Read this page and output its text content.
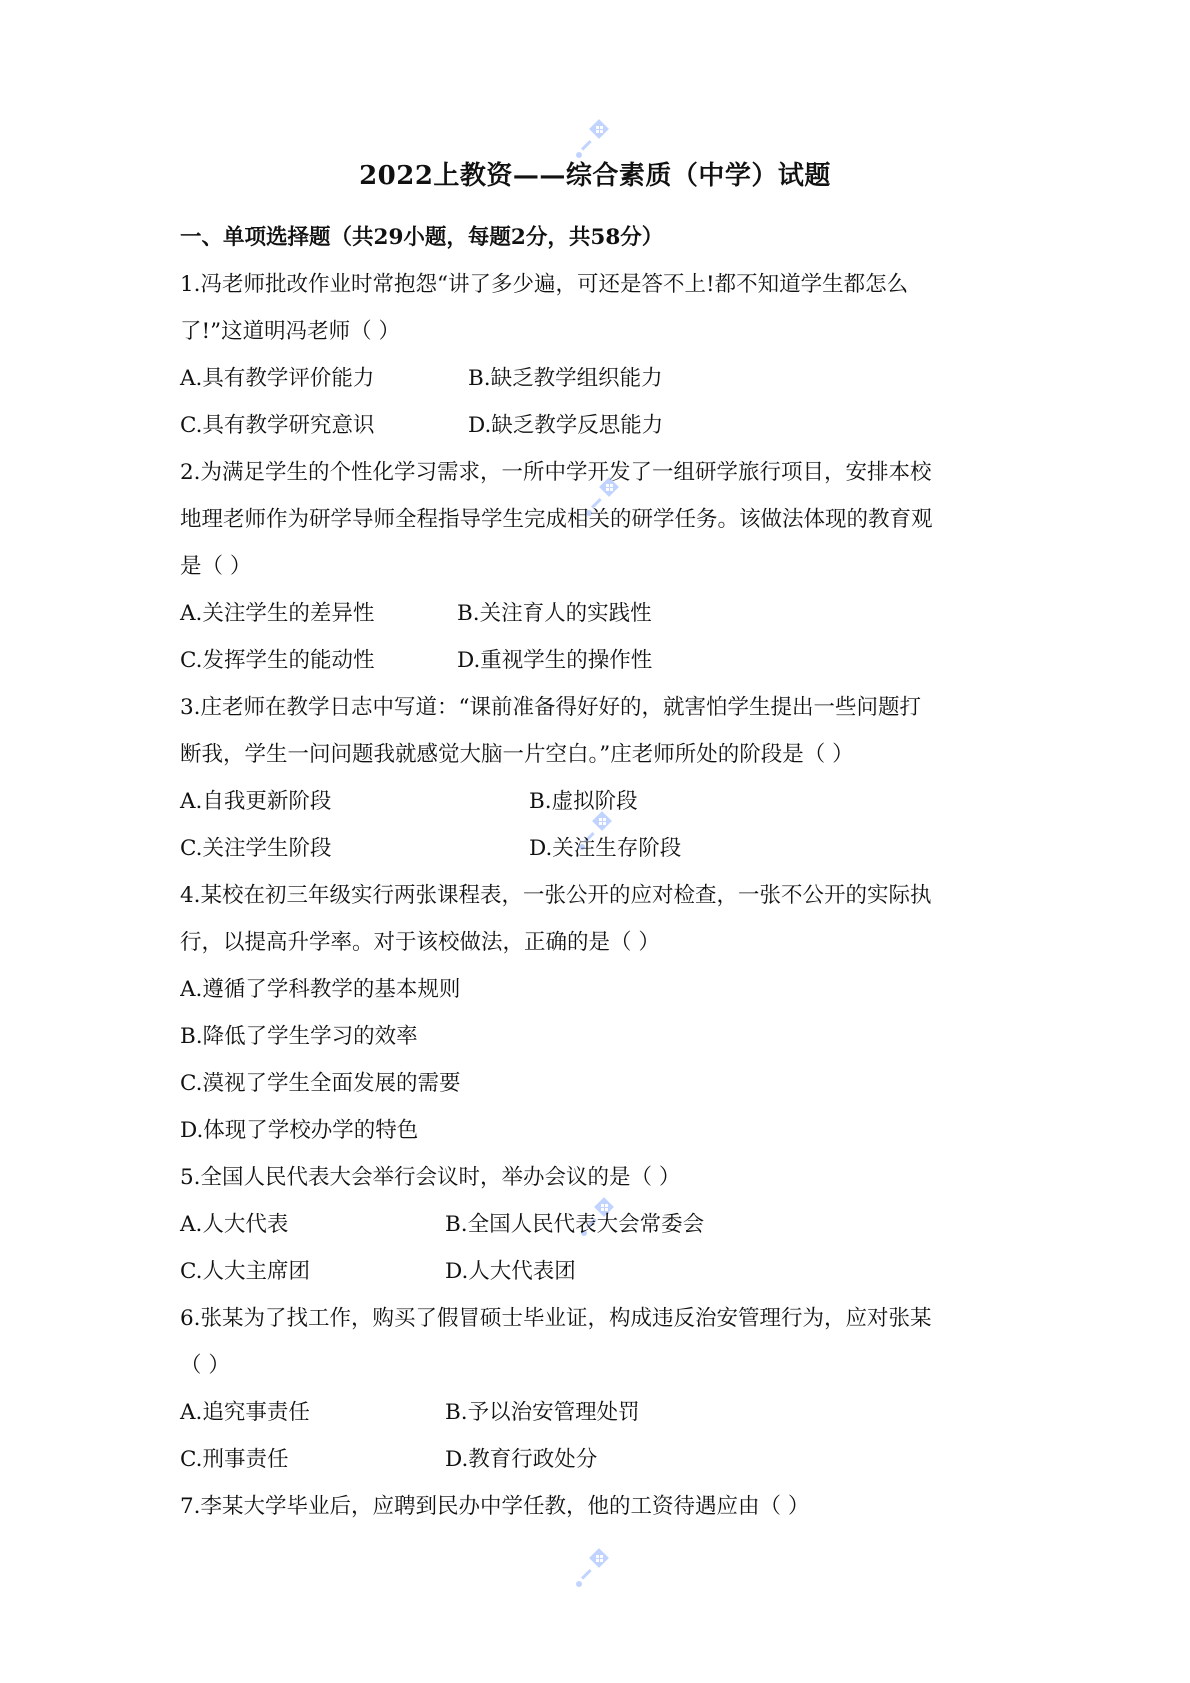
2022上教资——综合素质（中学）试题
一、单项选择题（共29小题，每题2分，共58分）
1.冯老师批改作业时常抱怨“讲了多少遍，可还是答不上!都不知道学生都怎么
了!”这道明冯老师（ ）
A.具有教学评价能力	B.缺乏教学组织能力
C.具有教学研究意识	D.缺乏教学反思能力
2.为满足学生的个性化学习需求，一所中学开发了一组研学旅行项目，安排本校
地理老师作为研学导师全程指导学生完成相关的研学任务。该做法体现的教育观
是（ ）
A.关注学生的差异性	B.关注育人的实践性
C.发挥学生的能动性	D.重视学生的操作性
3.庄老师在教学日志中写道：“课前准备得好好的，就害怕学生提出一些问题打
断我，学生一问问题我就感觉大脑一片空白。”庄老师所处的阶段是（ ）
A.自我更新阶段	B.虚拟阶段
C.关注学生阶段	D.关注生存阶段
4.某校在初三年级实行两张课程表，一张公开的应对检查，一张不公开的实际执
行，以提高升学率。对于该校做法，正确的是（ ）
A.遵循了学科教学的基本规则
B.降低了学生学习的效率
C.漠视了学生全面发展的需要
D.体现了学校办学的特色
5.全国人民代表大会举行会议时，举办会议的是（ ）
A.人大代表	B.全国人民代表大会常委会
C.人大主席团	D.人大代表团
6.张某为了找工作，购买了假冒硕士毕业证，构成违反治安管理行为，应对张某
（ ）
A.追究事责任	B.予以治安管理处罚
C.刑事责任	D.教育行政处分
7.李某大学毕业后，应聘到民办中学任教，他的工资待遇应由（ ）
